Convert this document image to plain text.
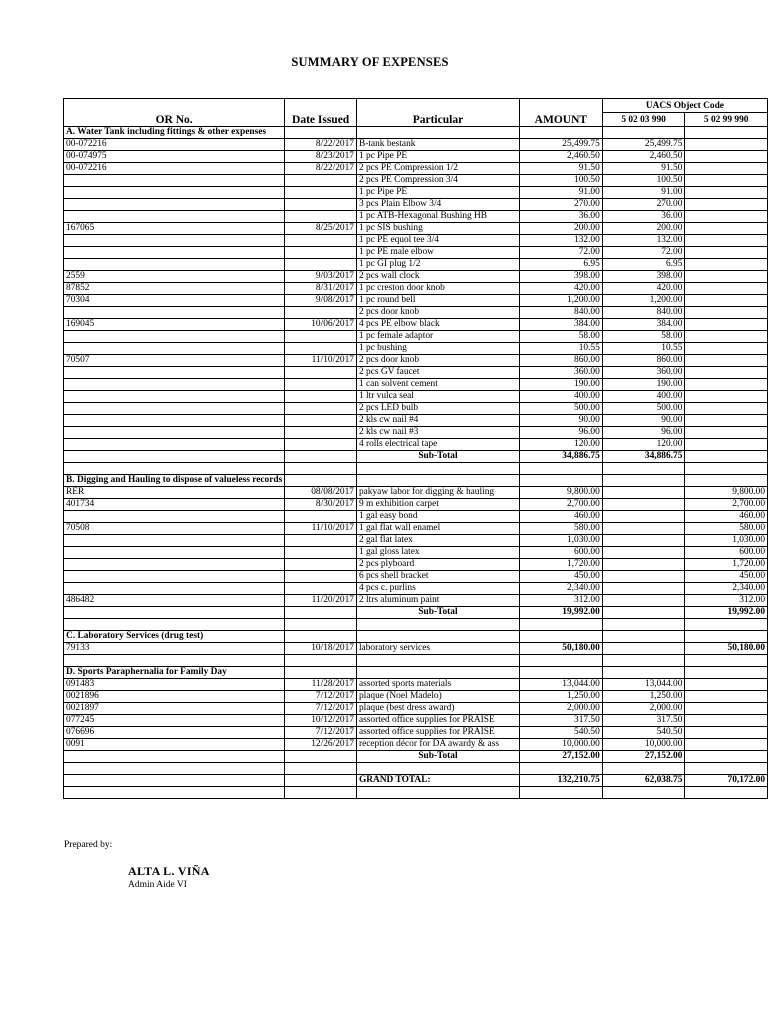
SUMMARY OF EXPENSES
				UACS Object Code	
OR No.	Date Issued	Particular	AMOUNT	5 02 03 990	5 02 99 990
A. Water Tank including fittings & other expenses					
00-072216	8/22/2017	B-tank bestank	25,499.75	25,499.75	
00-074975	8/23/2017	1 pc Pipe PE	2,460.50	2,460.50	
00-072216	8/22/2017	2 pcs PE Compression 1/2	91.50	91.50	
		2 pcs PE Compression 3/4	100.50	100.50	
		1 pc Pipe PE	91.00	91.00	
		3 pcs Plain Elbow 3/4	270.00	270.00	
		1 pc ATB-Hexagonal Bushing HB	36.00	36.00	
167065	8/25/2017	1 pc SIS bushing	200.00	200.00	
		1 pc PE equol tee 3/4	132.00	132.00	
		1 pc PE male elbow	72.00	72.00	
		1 pc GI plug 1/2	6.95	6.95	
2559	9/03/2017	2 pcs wall clock	398.00	398.00	
87852	8/31/2017	1 pc creston door knob	420.00	420.00	
70304	9/08/2017	1 pc round bell	1,200.00	1,200.00	
		2 pcs door knob	840.00	840.00	
169045	10/06/2017	4 pcs PE elbow black	384.00	384.00	
		1 pc female adaptor	58.00	58.00	
		1 pc bushing	10.55	10.55	
70507	11/10/2017	2 pcs door knob	860.00	860.00	
		2 pcs GV faucet	360.00	360.00	
		1 can solvent cement	190.00	190.00	
		1 ltr vulca seal	400.00	400.00	
		2 pcs LED bulb	500.00	500.00	
		2 kls cw nail #4	90.00	90.00	
		2 kls cw nail #3	96.00	96.00	
		4 rolls electrical tape	120.00	120.00	
		Sub-Total	34,886.75	34,886.75	

B. Digging and Hauling to dispose of valueless records					
RER	08/08/2017	pakyaw labor for digging & hauling	9,800.00		9,800.00
401734	8/30/2017	9 m exhibition carpet	2,700.00		2,700.00
		1 gal easy bond	460.00		460.00
70508	11/10/2017	1 gal flat wall enamel	580.00		580.00
		2 gal flat latex	1,030.00		1,030.00
		1 gal gloss latex	600.00		600.00
		2 pcs plyboard	1,720.00		1,720.00
		6 pcs shell bracket	450.00		450.00
		4 pcs c. purlins	2,340.00		2,340.00
486482	11/20/2017	2 ltrs aluminum paint	312.00		312.00
		Sub-Total	19,992.00		19,992.00

C. Laboratory Services (drug test)					
79133	10/18/2017	laboratory services	50,180.00		50,180.00

D. Sports Paraphernalia for Family Day					
091483	11/28/2017	assorted sports materials	13,044.00	13,044.00	
0021896	7/12/2017	plaque (Noel Madelo)	1,250.00	1,250.00	
0021897	7/12/2017	plaque (best dress award)	2,000.00	2,000.00	
077245	10/12/2017	assorted office supplies for PRAISE	317.50	317.50	
076696	7/12/2017	assorted office supplies for PRAISE	540.50	540.50	
0091	12/26/2017	reception décor for DA awardy & ass	10,000.00	10,000.00	
		Sub-Total	27,152.00	27,152.00	

		GRAND TOTAL:	132,210.75	62,038.75	70,172.00

Prepared by:
ALTA L. VIÑA
Admin Aide VI
